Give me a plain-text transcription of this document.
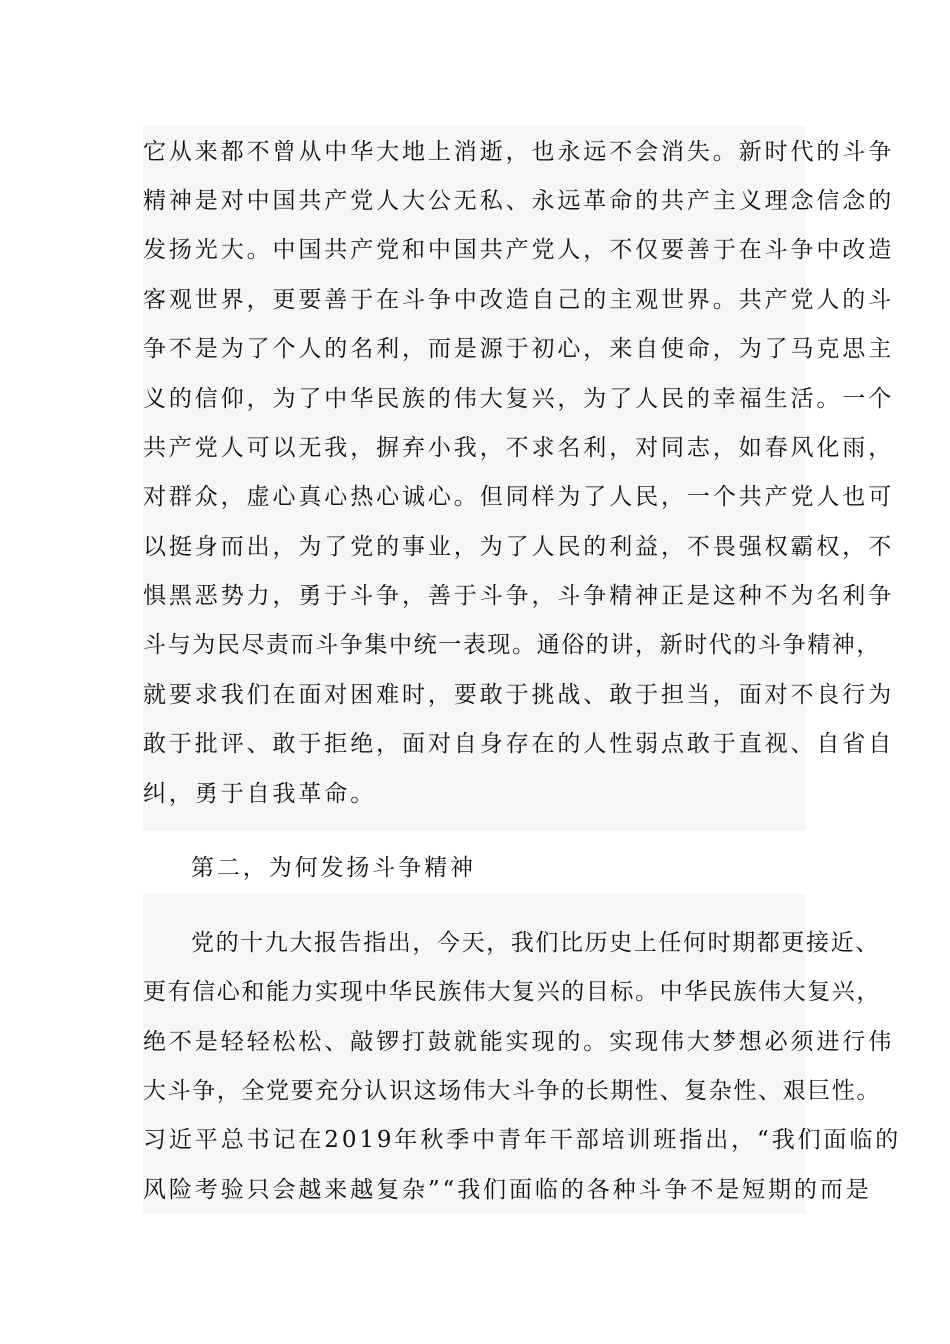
它从来都不曾从中华大地上消逝，也永远不会消失。新时代的斗争
精神是对中国共产党人大公无私、永远革命的共产主义理念信念的
发扬光大。中国共产党和中国共产党人，不仅要善于在斗争中改造
客观世界，更要善于在斗争中改造自己的主观世界。共产党人的斗
争不是为了个人的名利，而是源于初心，来自使命，为了马克思主
义的信仰，为了中华民族的伟大复兴，为了人民的幸福生活。一个
共产党人可以无我，摒弃小我，不求名利，对同志，如春风化雨，
对群众，虚心真心热心诚心。但同样为了人民，一个共产党人也可
以挺身而出，为了党的事业，为了人民的利益，不畏强权霸权，不
惧黑恶势力，勇于斗争，善于斗争，斗争精神正是这种不为名利争
斗与为民尽责而斗争集中统一表现。通俗的讲，新时代的斗争精神，
就要求我们在面对困难时，要敢于挑战、敢于担当，面对不良行为
敢于批评、敢于拒绝，面对自身存在的人性弱点敢于直视、自省自
纠，勇于自我革命。
第二，为何发扬斗争精神
党的十九大报告指出，今天，我们比历史上任何时期都更接近、
更有信心和能力实现中华民族伟大复兴的目标。中华民族伟大复兴，
绝不是轻轻松松、敲锣打鼓就能实现的。实现伟大梦想必须进行伟
大斗争，全党要充分认识这场伟大斗争的长期性、复杂性、艰巨性。
习近平总书记在2019年秋季中青年干部培训班指出，“我们面临的
风险考验只会越来越复杂”“我们面临的各种斗争不是短期的而是
